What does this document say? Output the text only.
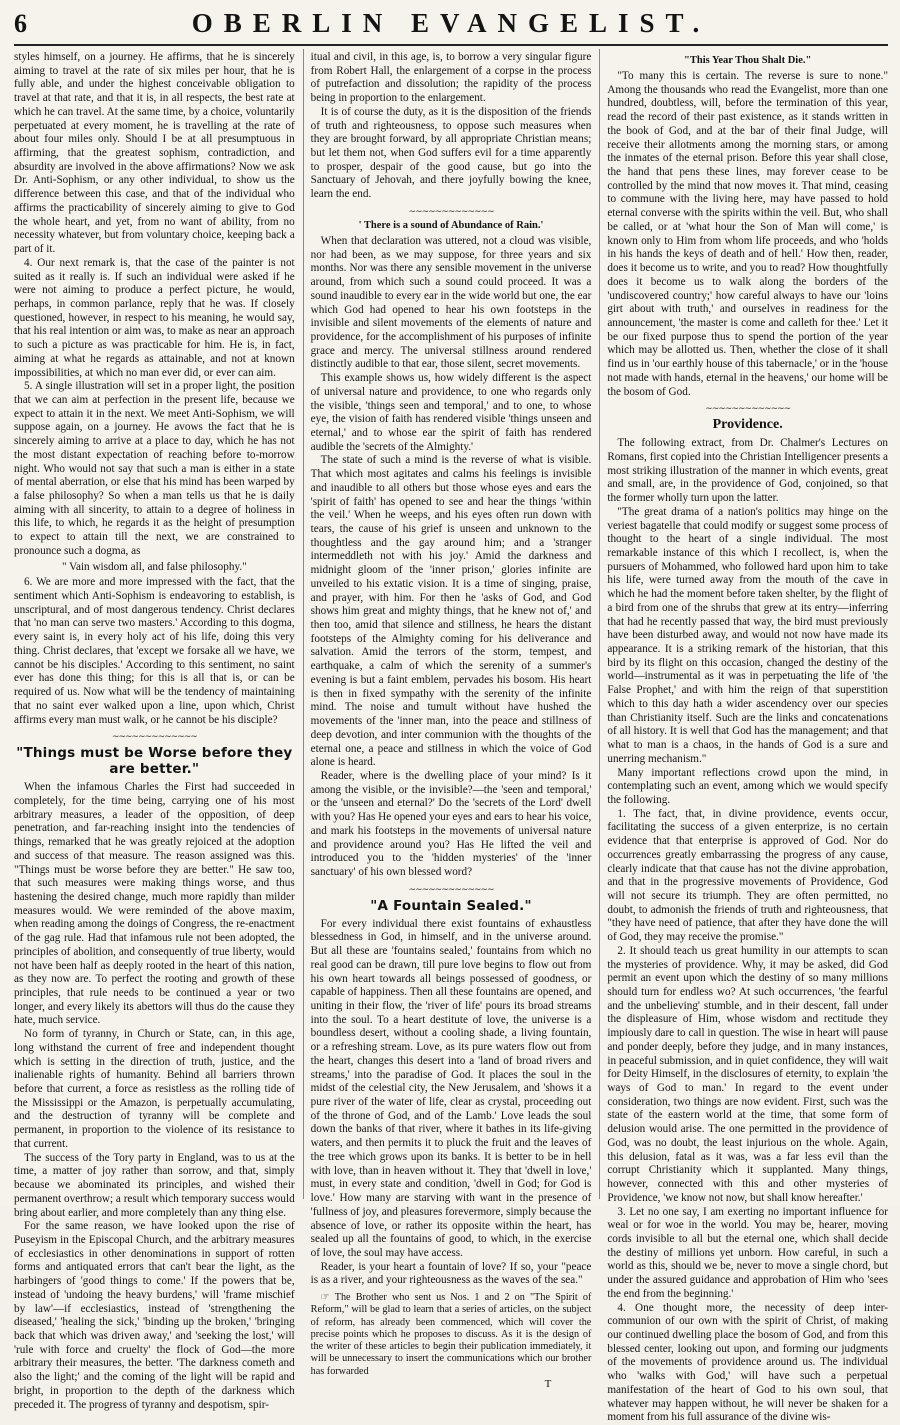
6	OBERLIN EVANGELIST.

styles himself, on a journey. He affirms, that he is sincerely aiming to travel at the rate of six miles per hour, that he is fully able, and under the highest conceivable obligation to travel at that rate, and that it is, in all respects, the best rate at which he can travel. At the same time, by a choice, voluntarily perpetuated at every moment, he is travelling at the rate of about four miles only. Should I be at all presumptuous in affirming, that the greatest sophism, contradiction, and absurdity are involved in the above affirmations? Now we ask Dr. Anti-Sophism, or any other individual, to show us the difference between this case, and that of the individual who affirms the practicability of sincerely aiming to give to God the whole heart, and yet, from no want of ability, from no necessity whatever, but from voluntary choice, keeping back a part of it.

4. Our next remark is, that the case of the painter is not suited as it really is. If such an individual were asked if he were not aiming to produce a perfect picture, he would, perhaps, in common parlance, reply that he was. If closely questioned, however, in respect to his meaning, he would say, that his real intention or aim was, to make as near an approach to such a picture as was practicable for him. He is, in fact, aiming at what he regards as attainable, and not at known impossibilities, at which no man ever did, or ever can aim.

5. A single illustration will set in a proper light, the position that we can aim at perfection in the present life, because we expect to attain it in the next. We meet Anti-Sophism, we will suppose again, on a journey. He avows the fact that he is sincerely aiming to arrive at a place to day, which he has not the most distant expectation of reaching before to-morrow night. Who would not say that such a man is either in a state of mental aberration, or else that his mind has been warped by a false philosophy? So when a man tells us that he is daily aiming with all sincerity, to attain to a degree of holiness in this life, to which, he regards it as the height of presumption to expect to attain till the next, we are constrained to pronounce such a dogma, as

" Vain wisdom all, and false philosophy."

6. We are more and more impressed with the fact, that the sentiment which Anti-Sophism is endeavoring to establish, is unscriptural, and of most dangerous tendency. Christ declares that 'no man can serve two masters.' According to this dogma, every saint is, in every holy act of his life, doing this very thing. Christ declares, that 'except we forsake all we have, we cannot be his disciples.' According to this sentiment, no saint ever has done this thing; for this is all that is, or can be required of us. Now what will be the tendency of maintaining that no saint ever walked upon a line, upon which, Christ affirms every man must walk, or he cannot be his disciple?

∼∼∼∼∼∼∼∼∼∼∼∼∼
"Things must be Worse before they are better."

When the infamous Charles the First had succeeded in completely, for the time being, carrying one of his most arbitrary measures, a leader of the opposition, of deep penetration, and far-reaching insight into the tendencies of things, remarked that he was greatly rejoiced at the adoption and success of that measure. The reason assigned was this. "Things must be worse before they are better." He saw too, that such measures were making things worse, and thus hastening the desired change, much more rapidly than milder measures would. We were reminded of the above maxim, when reading among the doings of Congress, the re-enactment of the gag rule. Had that infamous rule not been adopted, the principles of abolition, and consequently of true liberty, would not have been half as deeply rooted in the heart of this nation, as they now are. To perfect the rooting and growth of these principles, that rule needs to be continued a year or two longer, and every likely its abettors will thus do the cause they hate, much service.

No form of tyranny, in Church or State, can, in this age, long withstand the current of free and independent thought which is setting in the direction of truth, justice, and the inalienable rights of humanity. Behind all barriers thrown before that current, a force as resistless as the rolling tide of the Mississippi or the Amazon, is perpetually accumulating, and the destruction of tyranny will be complete and permanent, in proportion to the violence of its resistance to that current.

The success of the Tory party in England, was to us at the time, a matter of joy rather than sorrow, and that, simply because we abominated its principles, and wished their permanent overthrow; a result which temporary success would bring about earlier, and more completely than any thing else.

For the same reason, we have looked upon the rise of Puseyism in the Episcopal Church, and the arbitrary measures of ecclesiastics in other denominations in support of rotten forms and antiquated errors that can't bear the light, as the harbingers of 'good things to come.' If the powers that be, instead of 'undoing the heavy burdens,' will 'frame mischief by law'—if ecclesiastics, instead of 'strengthening the diseased,' 'healing the sick,' 'binding up the broken,' 'bringing back that which was driven away,' and 'seeking the lost,' will 'rule with force and cruelty' the flock of God—the more arbitrary their measures, the better. 'The darkness cometh and also the light;' and the coming of the light will be rapid and bright, in proportion to the depth of the darkness which preceded it. The progress of tyranny and despotism, spir-

itual and civil, in this age, is, to borrow a very singular figure from Robert Hall, the enlargement of a corpse in the process of putrefaction and dissolution; the rapidity of the process being in proportion to the enlargement.

It is of course the duty, as it is the disposition of the friends of truth and righteousness, to oppose such measures when they are brought forward, by all appropriate Christian means; but let them not, when God suffers evil for a time apparently to prosper, despair of the good cause, but go into the Sanctuary of Jehovah, and there joyfully bowing the knee, learn the end.

∼∼∼∼∼∼∼∼∼∼∼∼∼
' There is a sound of Abundance of Rain.'

When that declaration was uttered, not a cloud was visible, nor had been, as we may suppose, for three years and six months. Nor was there any sensible movement in the universe around, from which such a sound could proceed. It was a sound inaudible to every ear in the wide world but one, the ear which God had opened to hear his own footsteps in the invisible and silent movements of the elements of nature and providence, for the accomplishment of his purposes of infinite grace and mercy. The universal stillness around rendered distinctly audible to that ear, those silent, secret movements.

This example shows us, how widely different is the aspect of universal nature and providence, to one who regards only the visible, 'things seen and temporal,' and to one, to whose eye, the vision of faith has rendered visible 'things unseen and eternal,' and to whose ear the spirit of faith has rendered audible the 'secrets of the Almighty.'

The state of such a mind is the reverse of what is visible. That which most agitates and calms his feelings is invisible and inaudible to all others but those whose eyes and ears the 'spirit of faith' has opened to see and hear the things 'within the veil.' When he weeps, and his eyes often run down with tears, the cause of his grief is unseen and unknown to the thoughtless and the gay around him; and a 'stranger intermeddleth not with his joy.' Amid the darkness and midnight gloom of the 'inner prison,' glories infinite are unveiled to his extatic vision. It is a time of singing, praise, and prayer, with him. For then he 'asks of God, and God shows him great and mighty things, that he knew not of,' and then too, amid that silence and stillness, he hears the distant footsteps of the Almighty coming for his deliverance and salvation. Amid the terrors of the storm, tempest, and earthquake, a calm of which the serenity of a summer's evening is but a faint emblem, pervades his bosom. His heart is then in fixed sympathy with the serenity of the infinite mind. The noise and tumult without have hushed the movements of the 'inner man, into the peace and stillness of deep devotion, and inter communion with the thoughts of the eternal one, a peace and stillness in which the voice of God alone is heard.

Reader, where is the dwelling place of your mind? Is it among the visible, or the invisible?—the 'seen and temporal,' or the 'unseen and eternal?' Do the 'secrets of the Lord' dwell with you? Has He opened your eyes and ears to hear his voice, and mark his footsteps in the movements of universal nature and providence around you? Has He lifted the veil and introduced you to the 'hidden mysteries' of the 'inner sanctuary' of his own blessed word?

∼∼∼∼∼∼∼∼∼∼∼∼∼
"A Fountain Sealed."

For every individual there exist fountains of exhaustless blessedness in God, in himself, and in the universe around. But all these are 'fountains sealed,' fountains from which no real good can be drawn, till pure love begins to flow out from his own heart towards all beings possessed of goodness, or capable of happiness. Then all these fountains are opened, and uniting in their flow, the 'river of life' pours its broad streams into the soul. To a heart destitute of love, the universe is a boundless desert, without a cooling shade, a living fountain, or a refreshing stream. Love, as its pure waters flow out from the heart, changes this desert into a 'land of broad rivers and streams,' into the paradise of God. It places the soul in the midst of the celestial city, the New Jerusalem, and 'shows it a pure river of the water of life, clear as crystal, proceeding out of the throne of God, and of the Lamb.' Love leads the soul down the banks of that river, where it bathes in its life-giving waters, and then permits it to pluck the fruit and the leaves of the tree which grows upon its banks. It is better to be in hell with love, than in heaven without it. They that 'dwell in love,' must, in every state and condition, 'dwell in God; for God is love.' How many are starving with want in the presence of 'fullness of joy, and pleasures forevermore, simply because the absence of love, or rather its opposite within the heart, has sealed up all the fountains of good, to which, in the exercise of love, the soul may have access.

Reader, is your heart a fountain of love? If so, your "peace is as a river, and your righteousness as the waves of the sea."

☞ The Brother who sent us Nos. 1 and 2 on "The Spirit of Reform," will be glad to learn that a series of articles, on the subject of reform, has already been commenced, which will cover the precise points which he proposes to discuss. As it is the design of the writer of these articles to begin their publication immediately, it will be unnecessary to insert the communications which our brother has forwarded

T
"This Year Thou Shalt Die."

"To many this is certain. The reverse is sure to none." Among the thousands who read the Evangelist, more than one hundred, doubtless, will, before the termination of this year, read the record of their past existence, as it stands written in the book of God, and at the bar of their final Judge, will receive their allotments among the morning stars, or among the inmates of the eternal prison. Before this year shall close, the hand that pens these lines, may forever cease to be controlled by the mind that now moves it. That mind, ceasing to commune with the living here, may have passed to hold eternal converse with the spirits within the veil. But, who shall be called, or at 'what hour the Son of Man will come,' is known only to Him from whom life proceeds, and who 'holds in his hands the keys of death and of hell.' How then, reader, does it become us to write, and you to read? How thoughtfully does it become us to walk along the borders of the 'undiscovered country;' how careful always to have our 'loins girt about with truth,' and ourselves in readiness for the announcement, 'the master is come and calleth for thee.' Let it be our fixed purpose thus to spend the portion of the year which may be allotted us. Then, whether the close of it shall find us in 'our earthly house of this tabernacle,' or in the 'house not made with hands, eternal in the heavens,' our home will be the bosom of God.

∼∼∼∼∼∼∼∼∼∼∼∼∼
Providence.

The following extract, from Dr. Chalmer's Lectures on Romans, first copied into the Christian Intelligencer presents a most striking illustration of the manner in which events, great and small, are, in the providence of God, conjoined, so that the former wholly turn upon the latter.

"The great drama of a nation's politics may hinge on the veriest bagatelle that could modify or suggest some process of thought to the heart of a single individual. The most remarkable instance of this which I recollect, is, when the pursuers of Mohammed, who followed hard upon him to take his life, were turned away from the mouth of the cave in which he had the moment before taken shelter, by the flight of a bird from one of the shrubs that grew at its entry—inferring that had he recently passed that way, the bird must previously have been disturbed away, and would not now have made its appearance. It is a striking remark of the historian, that this bird by its flight on this occasion, changed the destiny of the world—instrumental as it was in perpetuating the life of 'the False Prophet,' and with him the reign of that superstition which to this day hath a wider ascendency over our species than Christianity itself. Such are the links and concatenations of all history. It is well that God has the management; and that what to man is a chaos, in the hands of God is a sure and unerring mechanism."

Many important reflections crowd upon the mind, in contemplating such an event, among which we would specify the following.

1. The fact, that, in divine providence, events occur, facilitating the success of a given enterprize, is no certain evidence that that enterprise is approved of God. Nor do occurrences greatly embarrassing the progress of any cause, clearly indicate that that cause has not the divine approbation, and that in the progressive movements of Providence, God will not secure its triumph. They are often permitted, no doubt, to admonish the friends of truth and righteousness, that "they have need of patience, that after they have done the will of God, they may receive the promise."

2. It should teach us great humility in our attempts to scan the mysteries of providence. Why, it may be asked, did God permit an event upon which the destiny of so many millions should turn for endless wo? At such occurrences, 'the fearful and the unbelieving' stumble, and in their descent, fall under the displeasure of Him, whose wisdom and rectitude they impiously dare to call in question. The wise in heart will pause and ponder deeply, before they judge, and in many instances, in peaceful submission, and in quiet confidence, they will wait for Deity Himself, in the disclosures of eternity, to explain 'the ways of God to man.' In regard to the event under consideration, two things are now evident. First, such was the state of the eastern world at the time, that some form of delusion would arise. The one permitted in the providence of God, was no doubt, the least injurious on the whole. Again, this delusion, fatal as it was, was a far less evil than the corrupt Christianity which it supplanted. Many things, however, connected with this and other mysteries of Providence, 'we know not now, but shall know hereafter.'

3. Let no one say, I am exerting no important influence for weal or for woe in the world. You may be, hearer, moving cords invisible to all but the eternal one, which shall decide the destiny of millions yet unborn. How careful, in such a world as this, should we be, never to move a single chord, but under the assured guidance and approbation of Him who 'sees the end from the beginning.'

4. One thought more, the necessity of deep inter-communion of our own with the spirit of Christ, of making our continued dwelling place the bosom of God, and from this blessed center, looking out upon, and forming our judgments of the movements of providence around us. The individual who 'walks with God,' will have such a perpetual manifestation of the heart of God to his own soul, that whatever may happen without, he will never be shaken for a moment from his full assurance of the divine wis-
